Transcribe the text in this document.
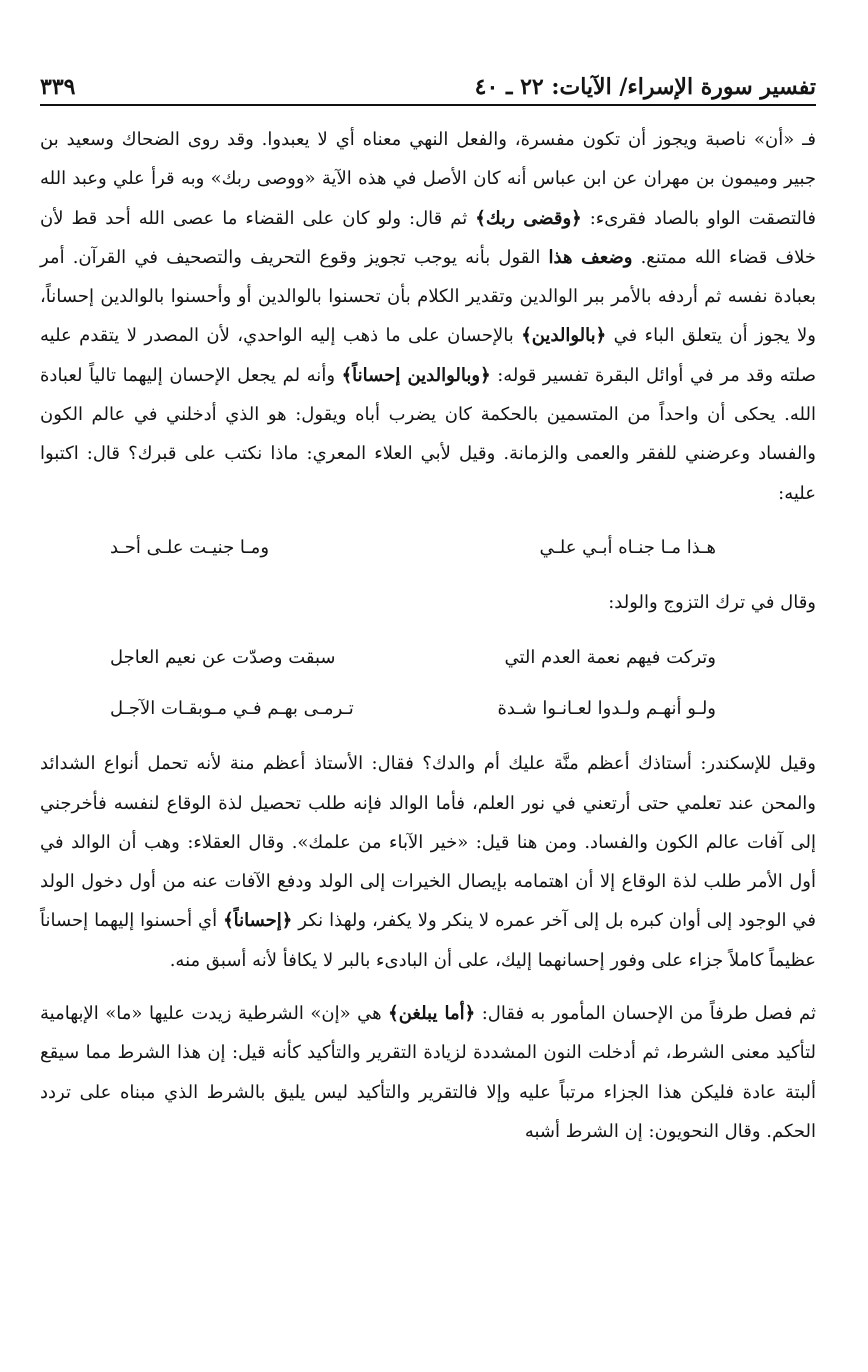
تفسير سورة الإسراء/ الآيات: ٢٢ ـ ٤٠
٣٣٩

فـ «أن» ناصبة ويجوز أن تكون مفسرة، والفعل النهي معناه أي لا يعبدوا. وقد روى الضحاك وسعيد بن جبير وميمون بن مهران عن ابن عباس أنه كان الأصل في هذه الآية «ووصى ربك» وبه قرأ علي وعبد الله فالتصقت الواو بالصاد فقرىء: ﴿وقضى ربك﴾ ثم قال: ولو كان على القضاء ما عصى الله أحد قط لأن خلاف قضاء الله ممتنع. وضعف هذا القول بأنه يوجب تجويز وقوع التحريف والتصحيف في القرآن. أمر بعبادة نفسه ثم أردفه بالأمر ببر الوالدين وتقدير الكلام بأن تحسنوا بالوالدين أو وأحسنوا بالوالدين إحساناً، ولا يجوز أن يتعلق الباء في ﴿بالوالدين﴾ بالإحسان على ما ذهب إليه الواحدي، لأن المصدر لا يتقدم عليه صلته وقد مر في أوائل البقرة تفسير قوله: ﴿وبالوالدين إحساناً﴾ وأنه لم يجعل الإحسان إليهما تالياً لعبادة الله. يحكى أن واحداً من المتسمين بالحكمة كان يضرب أباه ويقول: هو الذي أدخلني في عالم الكون والفساد وعرضني للفقر والعمى والزمانة. وقيل لأبي العلاء المعري: ماذا نكتب على قبرك؟ قال: اكتبوا عليه:

هـذا مـا جنـاه أبـي علـي
ومـا جنيـت علـى أحـد

وقال في ترك التزوج والولد:

وتركت فيهم نعمة العدم التي
سبقت وصدّت عن نعيم العاجل
ولـو أنهـم ولـدوا لعـانـوا شـدة
تـرمـى بهـم فـي مـوبقـات الآجـل

وقيل للإسكندر: أستاذك أعظم منَّة عليك أم والدك؟ فقال: الأستاذ أعظم منة لأنه تحمل أنواع الشدائد والمحن عند تعلمي حتى أرتعني في نور العلم، فأما الوالد فإنه طلب تحصيل لذة الوقاع لنفسه فأخرجني إلى آفات عالم الكون والفساد. ومن هنا قيل: «خير الآباء من علمك». وقال العقلاء: وهب أن الوالد في أول الأمر طلب لذة الوقاع إلا أن اهتمامه بإيصال الخيرات إلى الولد ودفع الآفات عنه من أول دخول الولد في الوجود إلى أوان كبره بل إلى آخر عمره لا ينكر ولا يكفر، ولهذا نكر ﴿إحساناً﴾ أي أحسنوا إليهما إحساناً عظيماً كاملاً جزاء على وفور إحسانهما إليك، على أن البادىء بالبر لا يكافأ لأنه أسبق منه.

ثم فصل طرفاً من الإحسان المأمور به فقال: ﴿أما يبلغن﴾ هي «إن» الشرطية زيدت عليها «ما» الإبهامية لتأكيد معنى الشرط، ثم أدخلت النون المشددة لزيادة التقرير والتأكيد كأنه قيل: إن هذا الشرط مما سيقع ألبتة عادة فليكن هذا الجزاء مرتباً عليه وإلا فالتقرير والتأكيد ليس يليق بالشرط الذي مبناه على تردد الحكم. وقال النحويون: إن الشرط أشبه
